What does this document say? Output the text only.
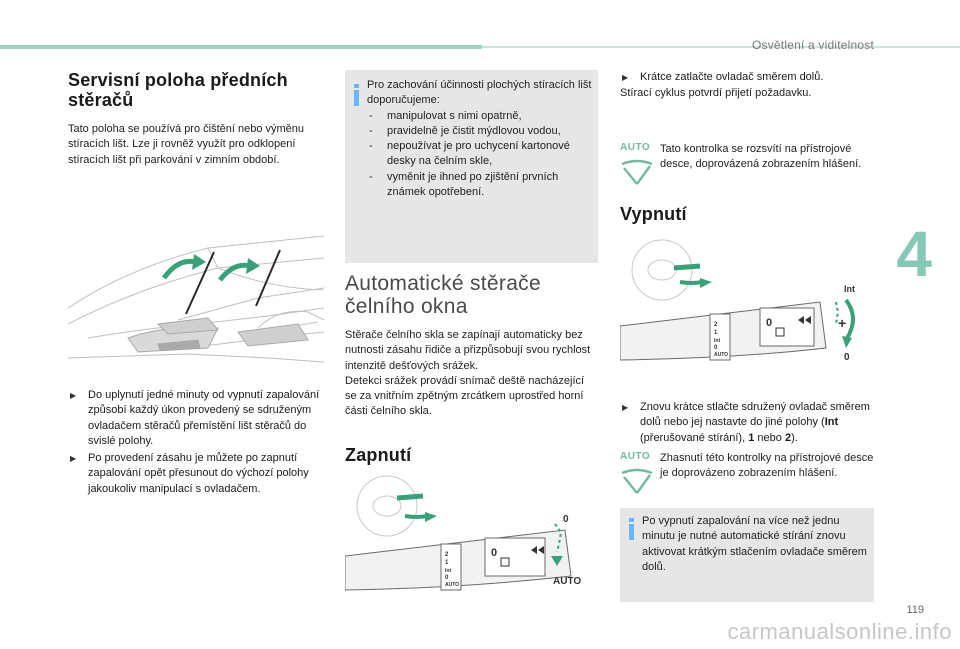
Osvětlení a viditelnost
4
Servisní poloha předních stěračů

Tato poloha se používá pro čištění nebo výměnu stíracích lišt. Lze ji rovněž využít pro odklopení stíracích lišt při parkování v zimním období.

▶ Do uplynutí jedné minuty od vypnutí zapalování způsobí každý úkon provedený se sdruženým ovladačem stěračů přemístění lišt stěračů do svislé polohy.
▶ Po provedení zásahu je můžete po zapnutí zapalování opět přesunout do výchozí polohy jakoukoliv manipulací s ovladačem.
Pro zachování účinnosti plochých stíracích lišt doporučujeme:
- manipulovat s nimi opatrně,
- pravidelně je čistit mýdlovou vodou,
- nepoužívat je pro uchycení kartonové desky na čelním skle,
- vyměnit je ihned po zjištění prvních známek opotřebení.
Automatické stěrače čelního okna

Stěrače čelního skla se zapínají automaticky bez nutnosti zásahu řidiče a přizpůsobují svou rychlost intenzitě dešťových srážek.

Detekci srážek provádí snímač deště nacházející se za vnitřním zpětným zrcátkem uprostřed horní části čelního skla.

Zapnutí
2
1
Int
0
AUTO
0
0
AUTO
▶ Krátce zatlačte ovladač směrem dolů.

Stírací cyklus potvrdí přijetí požadavku.

AUTO Tato kontrolka se rozsvítí na přístrojové desce, doprovázená zobrazením hlášení.
Vypnutí
2
1
Int
0
AUTO
0
Int
+
0
▶ Znovu krátce stlačte sdružený ovladač směrem dolů nebo jej nastavte do jiné polohy (Int (přerušované stírání), 1 nebo 2).
AUTO Zhasnutí této kontrolky na přístrojové desce je doprovázeno zobrazením hlášení.
Po vypnutí zapalování na více než jednu minutu je nutné automatické stírání znovu aktivovat krátkým stlačením ovladače směrem dolů.
119
carmanualsonline.info
